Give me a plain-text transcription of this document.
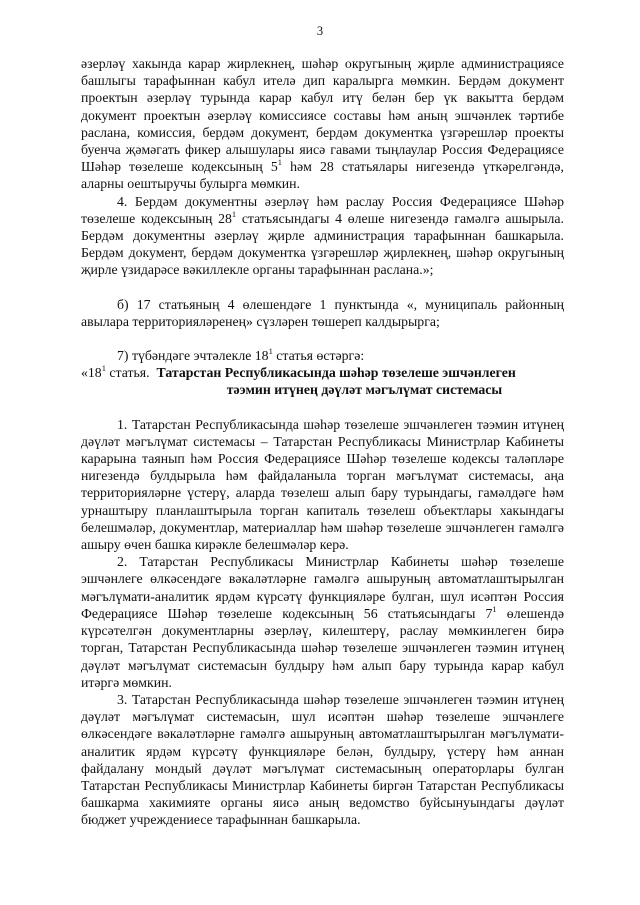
3

әзерләү хакында карар жирлекнең, шәһәр округының җирле администрациясе башлыгы тарафыннан кабул ителә дип каралырга мөмкин. Бердәм документ проектын әзерләү турында карар кабул итү белән бер үк вакытта бердәм документ проектын әзерләү комиссиясе составы һәм аның эшчәнлек тәртибе раслана, комиссия, бердәм документ, бердәм документка үзгәрешләр проекты буенча җәмәгать фикер алышулары яисә гавами тыңлаулар Россия Федерациясе Шәһәр төзелеше кодексының $5^1$ һәм 28 статьялары нигезендә үткәрелгәндә, аларны оештыручы булырга мөмкин.

4. Бердәм документны әзерләү һәм раслау Россия Федерациясе Шәһәр төзелеше кодексының $28^1$ статьясындагы 4 өлеше нигезендә гамәлгә ашырыла. Бердәм документны әзерләү җирле администрация тарафыннан башкарыла. Бердәм документ, бердәм документка үзгәрешләр җирлекнең, шәһәр округының җирле үзидарәсе вәкиллекле органы тарафыннан раслана.»;

б) 17 статьяның 4 өлешендәге 1 пунктында «, муниципаль районның авылара территорияләренең» сүзләрен төшереп калдырырга;

7) түбәндәге эчтәлекле $18^1$ статья өстәргә:

«$18^1$ статья. Татарстан Республикасында шәһәр төзелеше эшчәнлеген

тәэмин итүнең дәүләт мәгълүмат системасы

1. Татарстан Республикасында шәһәр төзелеше эшчәнлеген тәэмин итүнең дәүләт мәгълүмат системасы – Татарстан Республикасы Министрлар Кабинеты карарына таянып һәм Россия Федерациясе Шәһәр төзелеше кодексы таләпләре нигезендә булдырыла һәм файдаланыла торган мәгълүмат системасы, аңа территорияләрне үстерү, аларда төзелеш алып бару турындагы, гамәлдәге һәм урнаштыру планлаштырыла торган капиталь төзелеш объектлары хакындагы белешмәләр, документлар, материаллар һәм шәһәр төзелеше эшчәнлеген гамәлгә ашыру өчен башка кирәкле белешмәләр керә.

2. Татарстан Республикасы Министрлар Кабинеты шәһәр төзелеше эшчәнлеге өлкәсендәге вәкаләтләрне гамәлгә ашыруның автоматлаштырылган мәгълүмати-аналитик ярдәм күрсәтү функцияләре булган, шул исәптән Россия Федерациясе Шәһәр төзелеше кодексының 56 статьясындагы $7^1$ өлешендә күрсәтелгән документларны әзерләү, килештерү, раслау мөмкинлеген бирә торган, Татарстан Республикасында шәһәр төзелеше эшчәнлеген тәэмин итүнең дәүләт мәгълүмат системасын булдыру һәм алып бару турында карар кабул итәргә мөмкин.

3. Татарстан Республикасында шәһәр төзелеше эшчәнлеген тәэмин итүнең дәүләт мәгълүмат системасын, шул исәптән шәһәр төзелеше эшчәнлеге өлкәсендәге вәкаләтләрне гамәлгә ашыруның автоматлаштырылган мәгълүмати-аналитик ярдәм күрсәтү функцияләре белән, булдыру, үстерү һәм аннан файдалану мондый дәүләт мәгълүмат системасының операторлары булган Татарстан Республикасы Министрлар Кабинеты биргән Татарстан Республикасы башкарма хакимияте органы яисә аның ведомство буйсынуындагы дәүләт бюджет учреждениесе тарафыннан башкарыла.
